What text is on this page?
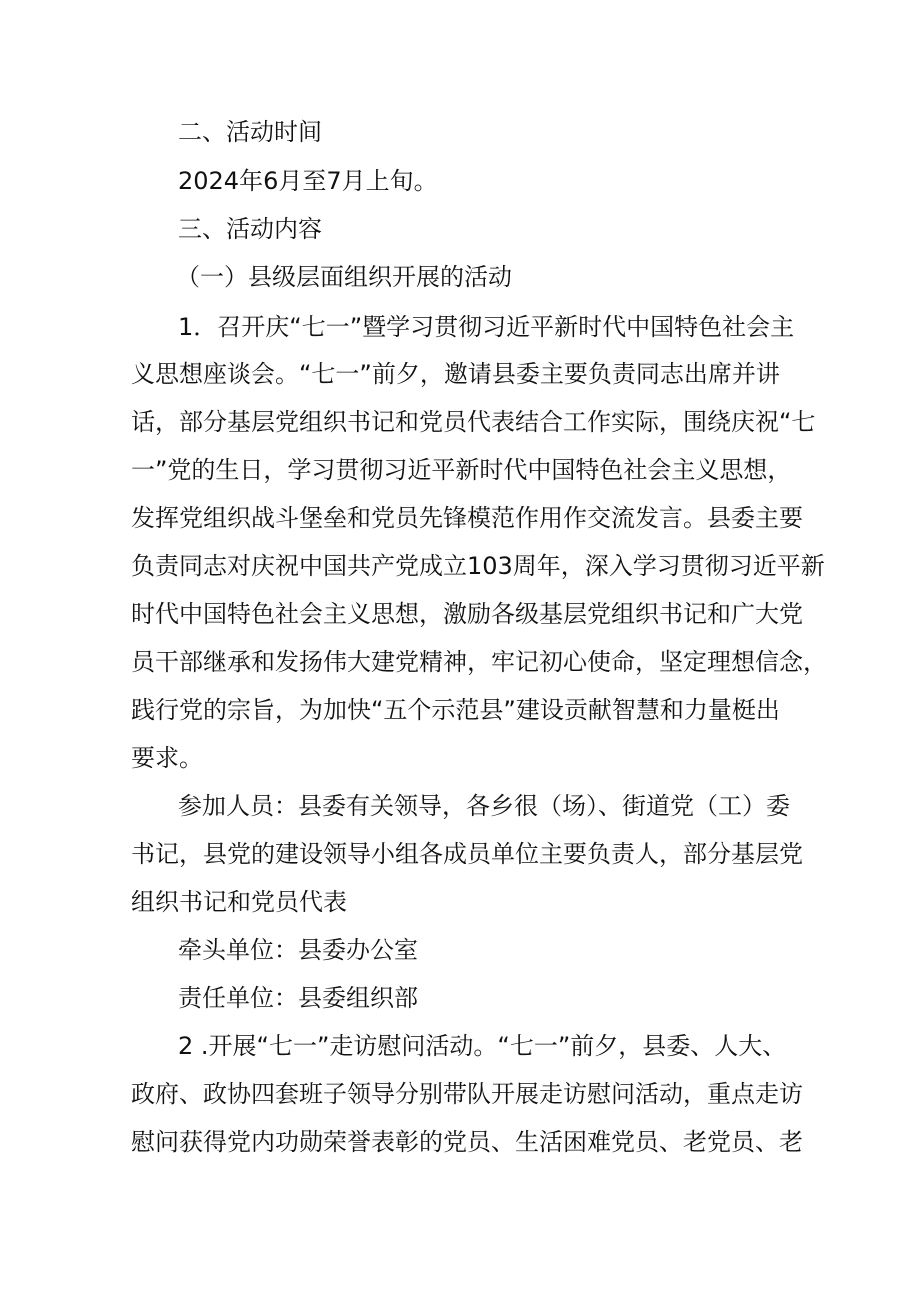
二、活动时间
2024年6月至7月上旬。
三、活动内容
（一）县级层面组织开展的活动
1．召开庆“七一”暨学习贯彻习近平新时代中国特色社会主
义思想座谈会。“七一”前夕，邀请县委主要负责同志出席并讲
话，部分基层党组织书记和党员代表结合工作实际，围绕庆祝“七
一”党的生日，学习贯彻习近平新时代中国特色社会主义思想，
发挥党组织战斗堡垒和党员先锋模范作用作交流发言。县委主要
负责同志对庆祝中国共产党成立103周年，深入学习贯彻习近平新
时代中国特色社会主义思想，激励各级基层党组织书记和广大党
员干部继承和发扬伟大建党精神，牢记初心使命，坚定理想信念，
践行党的宗旨，为加快“五个示范县”建设贡献智慧和力量梃出
要求。
参加人员：县委有关领导，各乡很（场）、街道党（工）委
书记，县党的建设领导小组各成员单位主要负责人，部分基层党
组织书记和党员代表
牵头单位：县委办公室
责任单位：县委组织部
2 .开展“七一”走访慰问活动。“七一”前夕，县委、人大、
政府、政协四套班子领导分别带队开展走访慰问活动，重点走访
慰问获得党内功勋荣誉表彰的党员、生活困难党员、老党员、老
